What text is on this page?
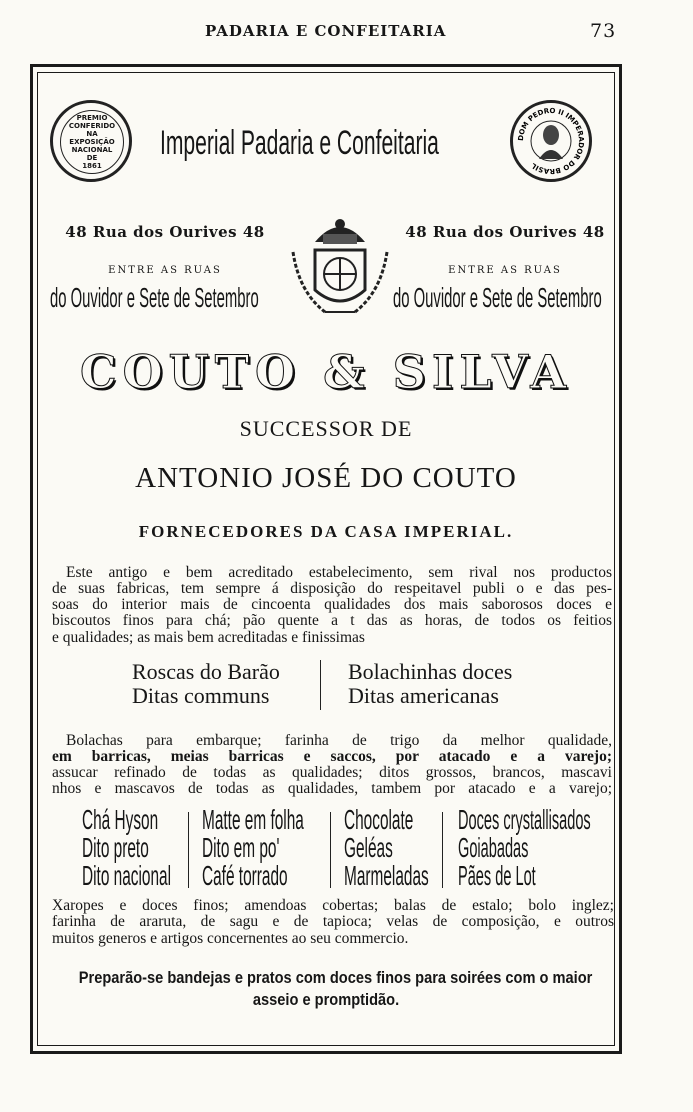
PADARIA E CONFEITARIA	73
PREMIO
CONFERIDO
NA
EXPOSIÇÃO
NACIONAL
DE
1861
Imperial Padaria e Confeitaria	DOM PEDRO II IMPERADOR DO BRASIL
48 Rua dos Ourives 48
ENTRE AS RUAS
do Ouvidor e Sete de Setembro
48 Rua dos Ourives 48
ENTRE AS RUAS
do Ouvidor e Sete de Setembro
COUTO & SILVA
SUCCESSOR DE
ANTONIO JOSÉ DO COUTO
FORNECEDORES DA CASA IMPERIAL.
Este antigo e bem acreditado estabelecimento, sem rival nos productos
de suas fabricas, tem sempre á disposição do respeitavel publi o e das pes-
soas do interior mais de cincoenta qualidades dos mais saborosos doces e
biscoutos finos para chá; pão quente a t das as horas, de todos os feitios
e qualidades; as mais bem acreditadas e finissimas
Roscas do Barão
Ditas communs
Bolachinhas doces
Ditas americanas
Bolachas para embarque; farinha de trigo da melhor qualidade,
em barricas, meias barricas e saccos, por atacado e a varejo;
assucar refinado de todas as qualidades; ditos grossos, brancos, mascavi
nhos e mascavos de todas as qualidades, tambem por atacado e a varejo;
Chá Hyson
Dito preto
Dito nacional
Matte em folha
Dito em po'
Café torrado
Chocolate
Geléas
Marmeladas
Doces crystallisados
Goiabadas
Pães de Lot
Xaropes e doces finos; amendoas cobertas; balas de estalo; bolo inglez;
farinha de araruta, de sagu e de tapioca; velas de composição, e outros
muitos generos e artigos concernentes ao seu commercio.
Preparão-se bandejas e pratos com doces finos para soirées com o maior
asseio e promptidão.
